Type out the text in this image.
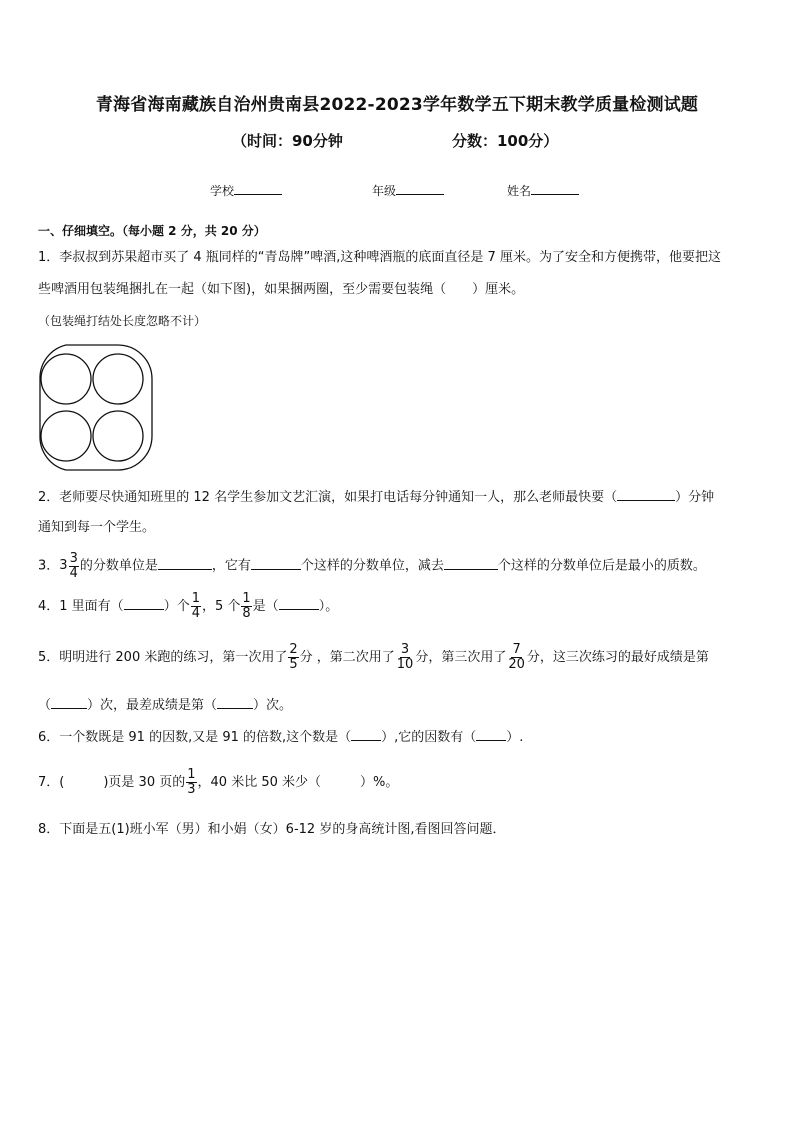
青海省海南藏族自治州贵南县2022-2023学年数学五下期末教学质量检测试题
（时间：90分钟	分数：100分）
学校	年级	姓名
一、仔细填空。（每小题 2 分，共 20 分）
1．李叔叔到苏果超市买了 4 瓶同样的“青岛牌”啤酒,这种啤酒瓶的底面直径是 7 厘米。为了安全和方便携带，他要把这
些啤酒用包装绳捆扎在一起（如下图)，如果捆两圈，至少需要包装绳（　　）厘米。
（包装绳打结处长度忽略不计）
2．老师要尽快通知班里的 12 名学生参加文艺汇演，如果打电话每分钟通知一人，那么老师最快要（	）分钟
通知到每一个学生。
3．$3 \frac{3}{4}$ 的分数单位是	，它有	个这样的分数单位，减去	个这样的分数单位后是最小的质数。
4．1 里面有（	）个 $\frac{1}{4}$ ，5 个 $\frac{1}{8}$ 是（	）。
5．明明进行 200 米跑的练习，第一次用了 $\frac{2}{5}$ 分 ，第二次用了 $\frac{3}{10}$ 分，第三次用了 $\frac{7}{20}$ 分，这三次练习的最好成绩是第
（	）次，最差成绩是第（	）次。
6．一个数既是 91 的因数,又是 91 的倍数,这个数是（ ）,它的因数有（ ）.
7．(　　　)页是 30 页的 $\frac{1}{3}$ ，40 米比 50 米少（　　　）%。
8．下面是五(1)班小军（男）和小娟（女）6-12 岁的身高统计图,看图回答问题．
